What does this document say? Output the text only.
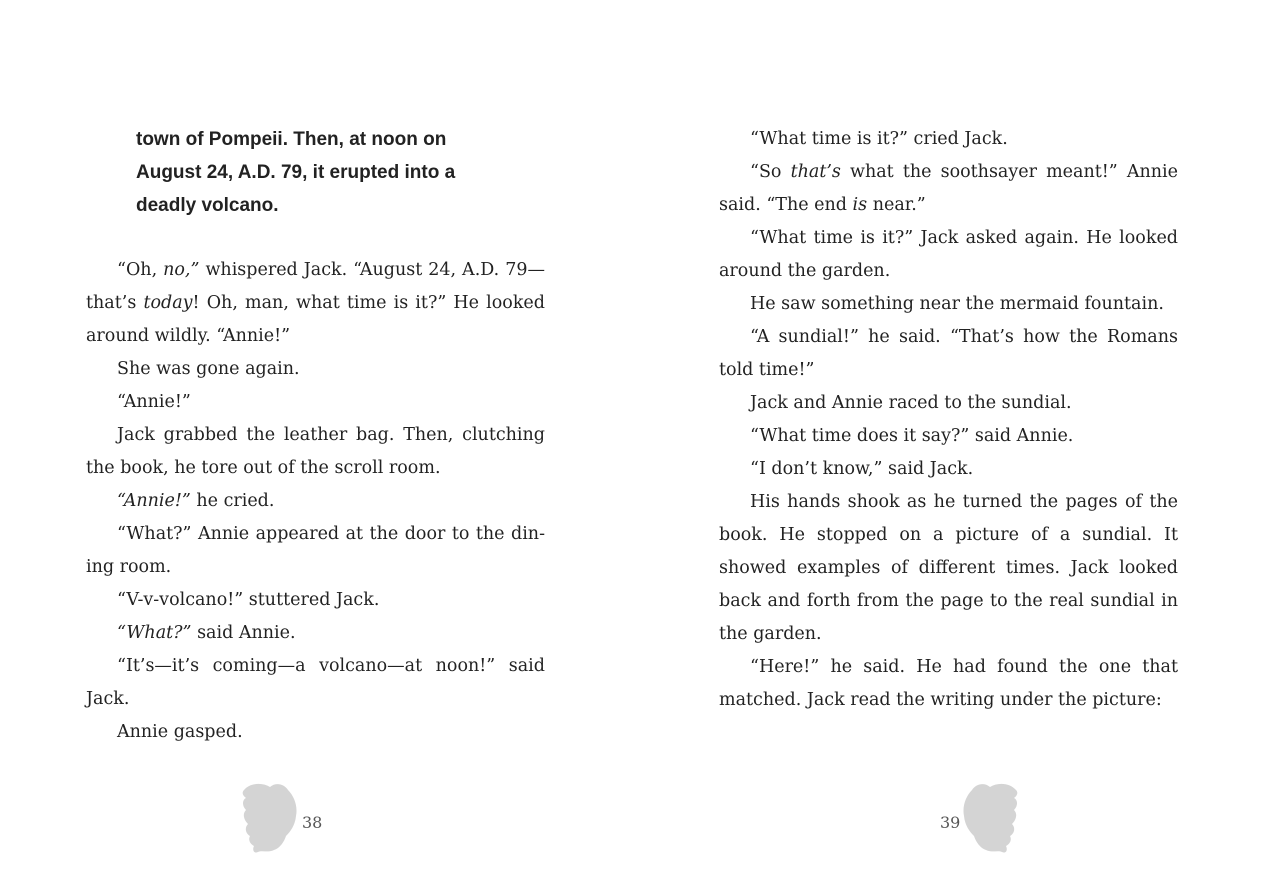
town of Pompeii. Then, at noon on
August 24, A.D. 79, it erupted into a
deadly volcano.

“Oh, no,” whispered Jack. “August 24, A.D. 79—that’s today! Oh, man, what time is it?” He looked around wildly. “Annie!”

She was gone again.

“Annie!”

Jack grabbed the leather bag. Then, clutching the book, he tore out of the scroll room.

“Annie!” he cried.

“What?” Annie appeared at the door to the din-ing room.

“V-v-volcano!” stuttered Jack.

“What?” said Annie.

“It’s—it’s coming—a volcano—at noon!” said Jack.

Annie gasped.

38

“What time is it?” cried Jack.

“So that’s what the soothsayer meant!” Annie said. “The end is near.”

“What time is it?” Jack asked again. He looked around the garden.

He saw something near the mermaid fountain.

“A sundial!” he said. “That’s how the Romans told time!”

Jack and Annie raced to the sundial.

“What time does it say?” said Annie.

“I don’t know,” said Jack.

His hands shook as he turned the pages of the book. He stopped on a picture of a sundial. It showed examples of different times. Jack looked back and forth from the page to the real sundial in the garden.

“Here!” he said. He had found the one that matched. Jack read the writing under the picture:

39
